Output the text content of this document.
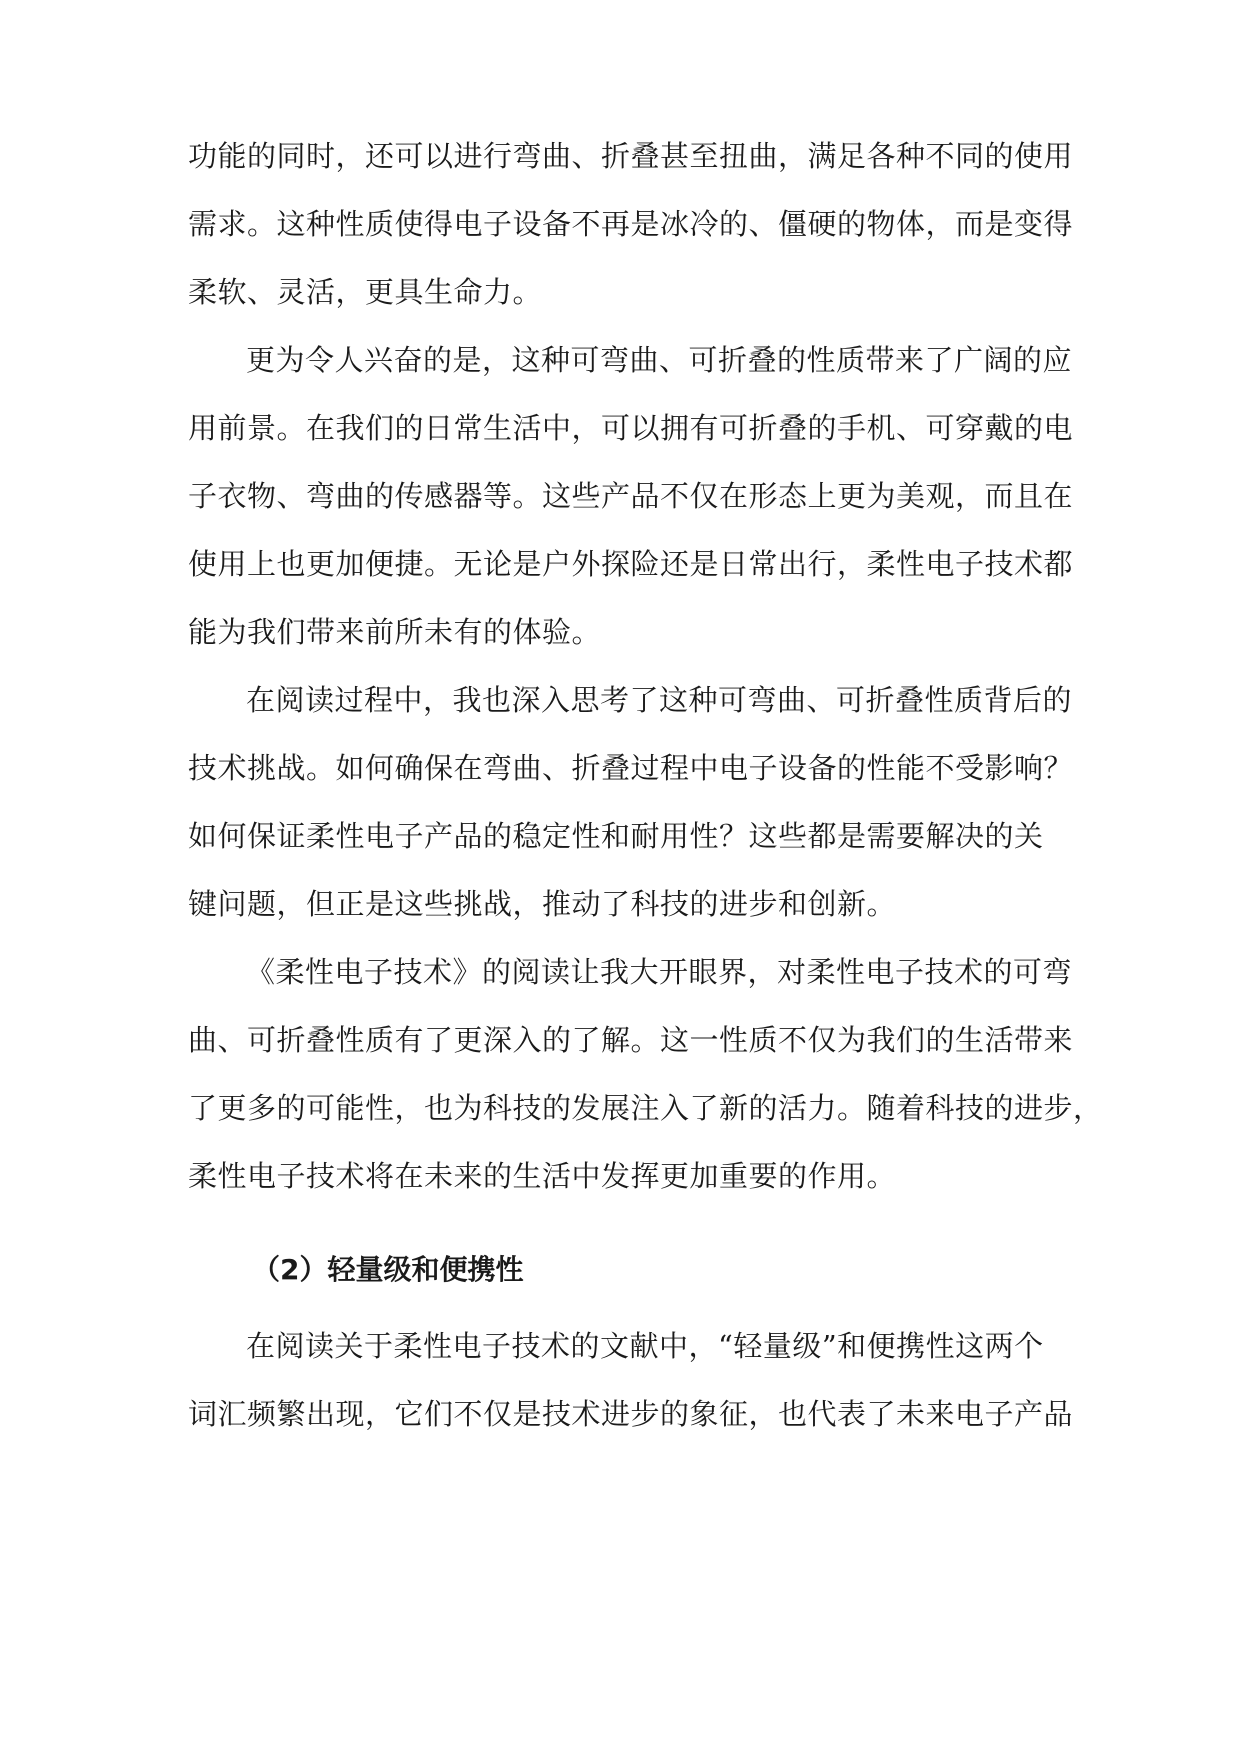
功能的同时，还可以进行弯曲、折叠甚至扭曲，满足各种不同的使用

需求。这种性质使得电子设备不再是冰冷的、僵硬的物体，而是变得

柔软、灵活，更具生命力。

更为令人兴奋的是，这种可弯曲、可折叠的性质带来了广阔的应

用前景。在我们的日常生活中，可以拥有可折叠的手机、可穿戴的电

子衣物、弯曲的传感器等。这些产品不仅在形态上更为美观，而且在

使用上也更加便捷。无论是户外探险还是日常出行，柔性电子技术都

能为我们带来前所未有的体验。

在阅读过程中，我也深入思考了这种可弯曲、可折叠性质背后的

技术挑战。如何确保在弯曲、折叠过程中电子设备的性能不受影响？

如何保证柔性电子产品的稳定性和耐用性？这些都是需要解决的关

键问题，但正是这些挑战，推动了科技的进步和创新。

《柔性电子技术》的阅读让我大开眼界，对柔性电子技术的可弯

曲、可折叠性质有了更深入的了解。这一性质不仅为我们的生活带来

了更多的可能性，也为科技的发展注入了新的活力。随着科技的进步，

柔性电子技术将在未来的生活中发挥更加重要的作用。

（2）轻量级和便携性

在阅读关于柔性电子技术的文献中，“轻量级”和便携性这两个

词汇频繁出现，它们不仅是技术进步的象征，也代表了未来电子产品
